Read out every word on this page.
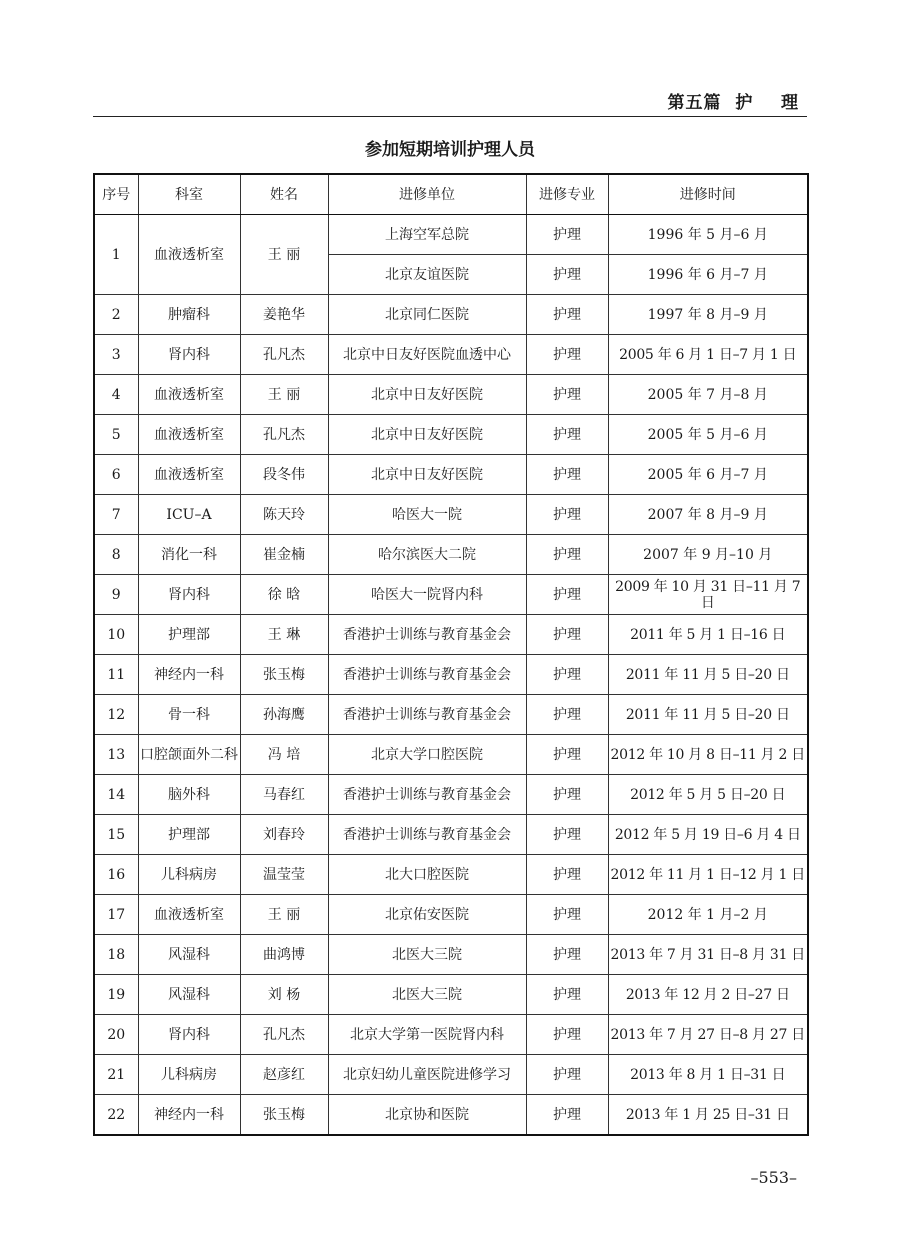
第五篇  护    理
参加短期培训护理人员
序号	科室	姓名	进修单位	进修专业	进修时间
1	血液透析室	王 丽	上海空军总院	护理	1996 年 5 月–6 月
			北京友谊医院	护理	1996 年 6 月–7 月
2	肿瘤科	姜艳华	北京同仁医院	护理	1997 年 8 月–9 月
3	肾内科	孔凡杰	北京中日友好医院血透中心	护理	2005 年 6 月 1 日–7 月 1 日
4	血液透析室	王 丽	北京中日友好医院	护理	2005 年 7 月–8 月
5	血液透析室	孔凡杰	北京中日友好医院	护理	2005 年 5 月–6 月
6	血液透析室	段冬伟	北京中日友好医院	护理	2005 年 6 月–7 月
7	ICU–A	陈天玲	哈医大一院	护理	2007 年 8 月–9 月
8	消化一科	崔金楠	哈尔滨医大二院	护理	2007 年 9 月–10 月
9	肾内科	徐 晗	哈医大一院肾内科	护理	2009 年 10 月 31 日–11 月 7 日
10	护理部	王 琳	香港护士训练与教育基金会	护理	2011 年 5 月 1 日–16 日
11	神经内一科	张玉梅	香港护士训练与教育基金会	护理	2011 年 11 月 5 日–20 日
12	骨一科	孙海鹰	香港护士训练与教育基金会	护理	2011 年 11 月 5 日–20 日
13	口腔颌面外二科	冯 培	北京大学口腔医院	护理	2012 年 10 月 8 日–11 月 2 日
14	脑外科	马春红	香港护士训练与教育基金会	护理	2012 年 5 月 5 日–20 日
15	护理部	刘春玲	香港护士训练与教育基金会	护理	2012 年 5 月 19 日–6 月 4 日
16	儿科病房	温莹莹	北大口腔医院	护理	2012 年 11 月 1 日–12 月 1 日
17	血液透析室	王 丽	北京佑安医院	护理	2012 年 1 月–2 月
18	风湿科	曲鸿博	北医大三院	护理	2013 年 7 月 31 日–8 月 31 日
19	风湿科	刘 杨	北医大三院	护理	2013 年 12 月 2 日–27 日
20	肾内科	孔凡杰	北京大学第一医院肾内科	护理	2013 年 7 月 27 日–8 月 27 日
21	儿科病房	赵彦红	北京妇幼儿童医院进修学习	护理	2013 年 8 月 1 日–31 日
22	神经内一科	张玉梅	北京协和医院	护理	2013 年 1 月 25 日–31 日
–553–
